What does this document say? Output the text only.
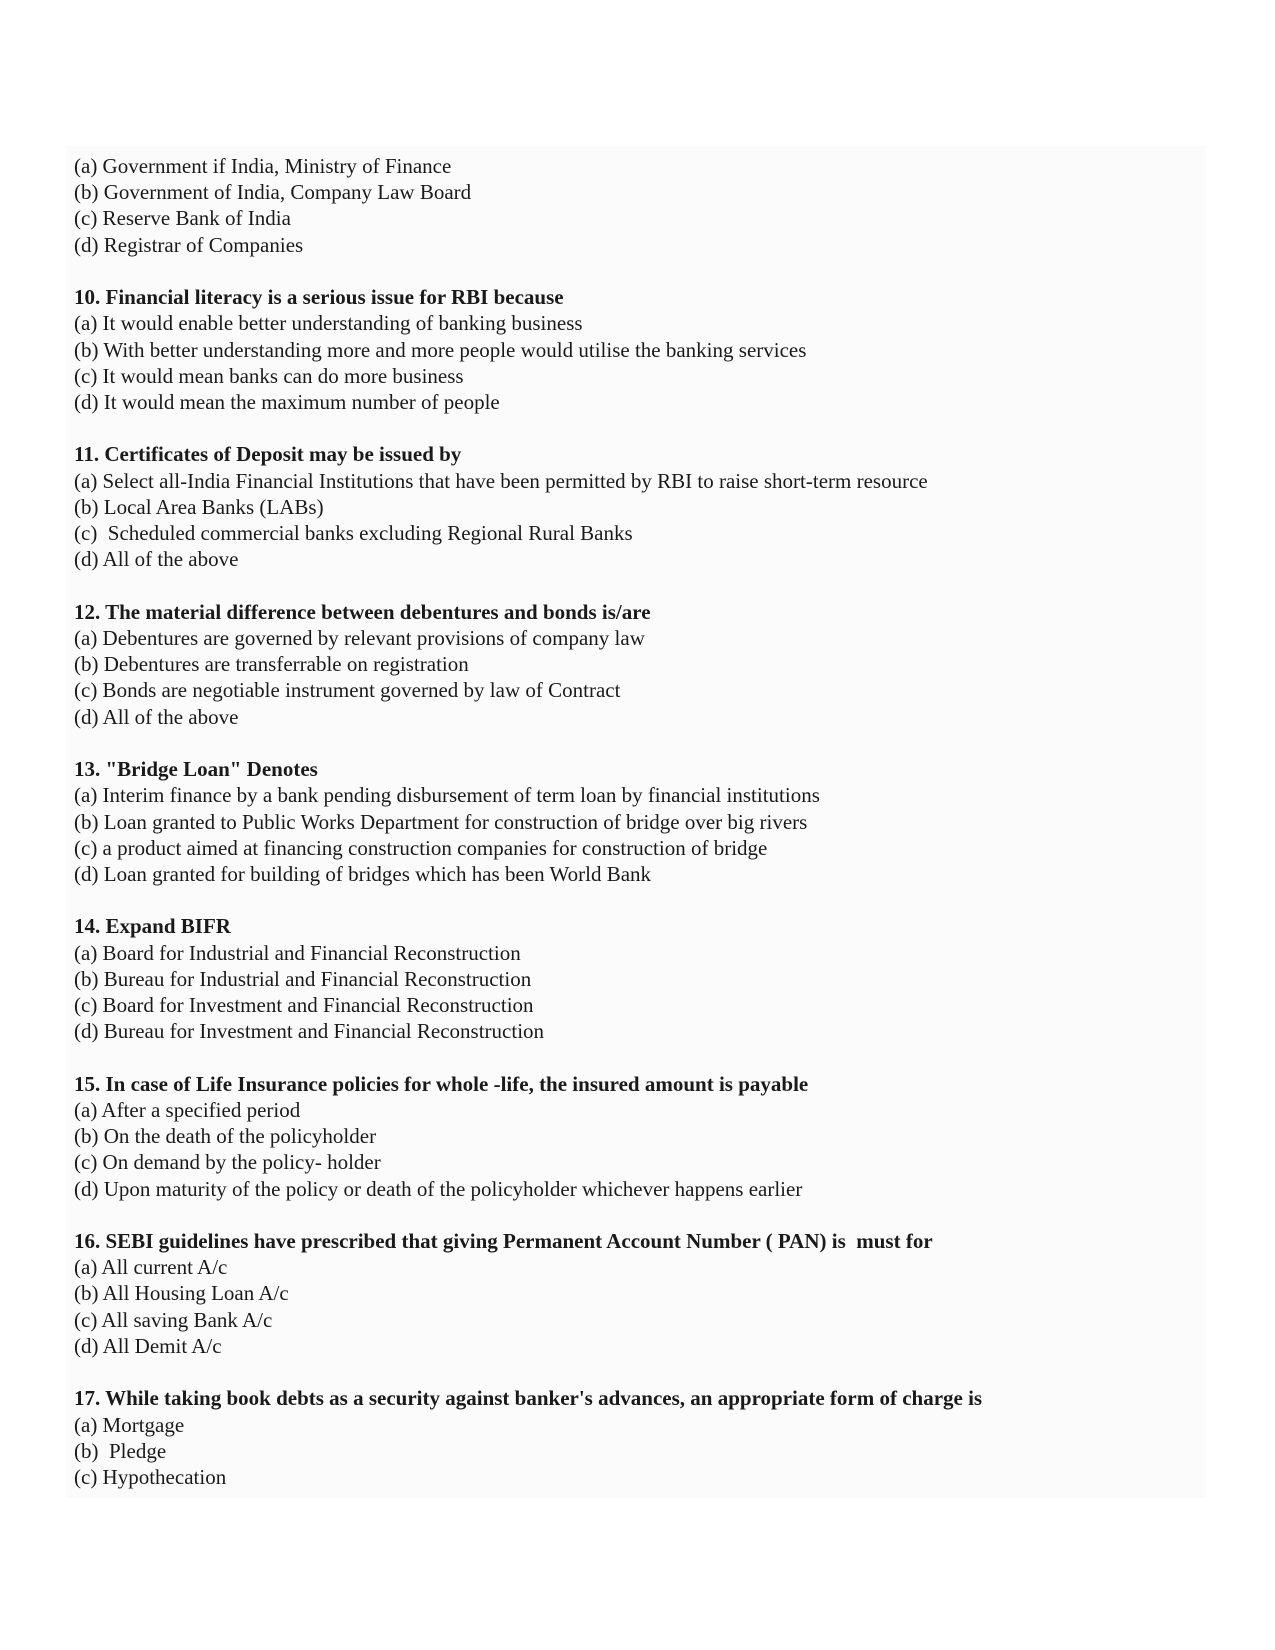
(a) Government if India, Ministry of Finance
(b) Government of India, Company Law Board
(c) Reserve Bank of India
(d) Registrar of Companies
10. Financial literacy is a serious issue for RBI because
(a) It would enable better understanding of banking business
(b) With better understanding more and more people would utilise the banking services
(c) It would mean banks can do more business
(d) It would mean the maximum number of people
11. Certificates of Deposit may be issued by
(a) Select all-India Financial Institutions that have been permitted by RBI to raise short-term resource
(b) Local Area Banks (LABs)
(c)  Scheduled commercial banks excluding Regional Rural Banks
(d) All of the above
12. The material difference between debentures and bonds is/are
(a) Debentures are governed by relevant provisions of company law
(b) Debentures are transferrable on registration
(c) Bonds are negotiable instrument governed by law of Contract
(d) All of the above
13. "Bridge Loan" Denotes
(a) Interim finance by a bank pending disbursement of term loan by financial institutions
(b) Loan granted to Public Works Department for construction of bridge over big rivers
(c) a product aimed at financing construction companies for construction of bridge
(d) Loan granted for building of bridges which has been World Bank
14. Expand BIFR
(a) Board for Industrial and Financial Reconstruction
(b) Bureau for Industrial and Financial Reconstruction
(c) Board for Investment and Financial Reconstruction
(d) Bureau for Investment and Financial Reconstruction
15. In case of Life Insurance policies for whole -life, the insured amount is payable
(a) After a specified period
(b) On the death of the policyholder
(c) On demand by the policy- holder
(d) Upon maturity of the policy or death of the policyholder whichever happens earlier
16. SEBI guidelines have prescribed that giving Permanent Account Number ( PAN) is  must for
(a) All current A/c
(b) All Housing Loan A/c
(c) All saving Bank A/c
(d) All Demit A/c
17. While taking book debts as a security against banker's advances, an appropriate form of charge is
(a) Mortgage
(b)  Pledge
(c) Hypothecation
